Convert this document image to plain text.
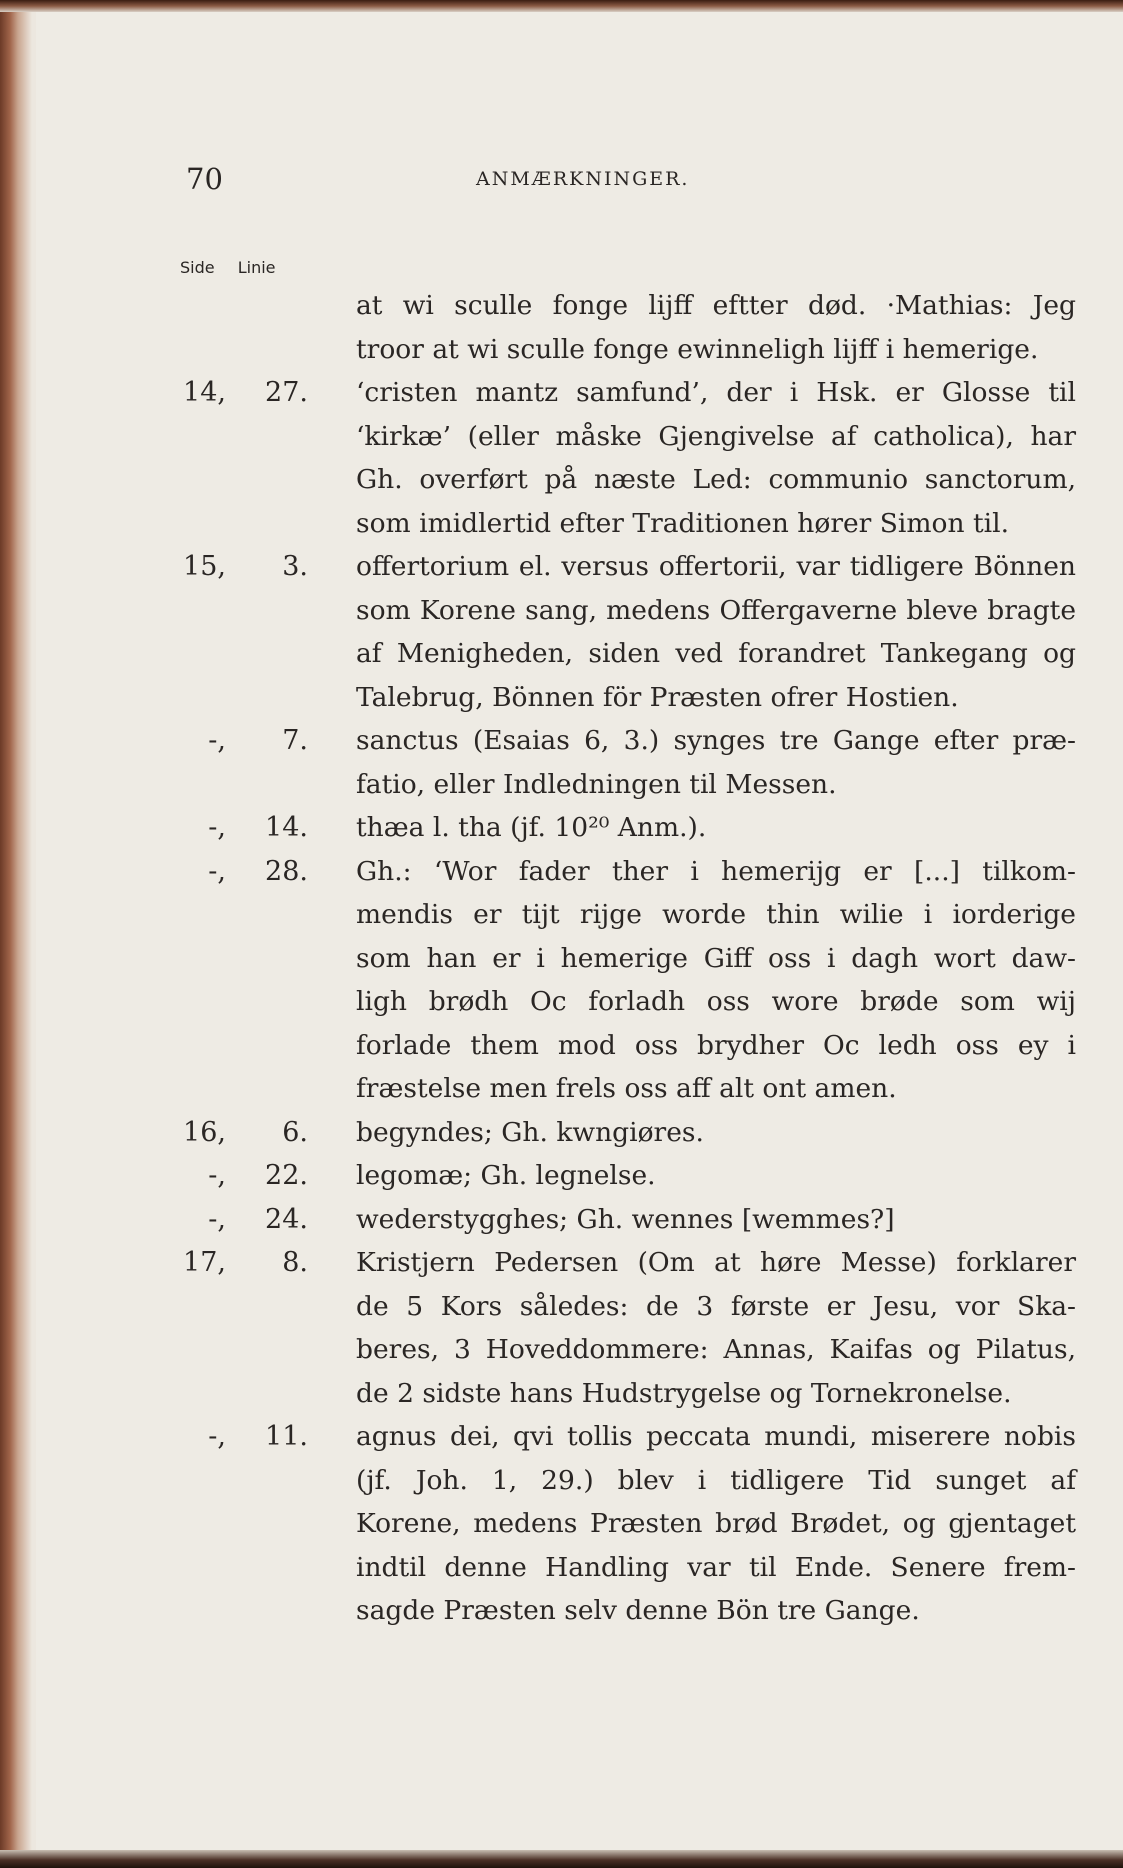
70	ANMÆRKNINGER.
Side Linie
at wi sculle fonge lijff eftter død. ·Mathias: Jeg
troor at wi sculle fonge ewinneligh lijff i hemerige.
14, 27.	‘cristen mantz samfund’, der i Hsk. er Glosse til
‘kirkæ’ (eller måske Gjengivelse af catholica), har
Gh. overført på næste Led: communio sanctorum,
som imidlertid efter Traditionen hører Simon til.
15, 3.	offertorium el. versus offertorii, var tidligere Bönnen
som Korene sang, medens Offergaverne bleve bragte
af Menigheden, siden ved forandret Tankegang og
Talebrug, Bönnen för Præsten ofrer Hostien.
-, 7.	sanctus (Esaias 6, 3.) synges tre Gange efter præ-
fatio, eller Indledningen til Messen.
-, 14.	thæa l. tha (jf. 10²⁰ Anm.).
-, 28.	Gh.: ‘Wor fader ther i hemerijg er [...] tilkom-
mendis er tijt rijge worde thin wilie i iorderige
som han er i hemerige Giff oss i dagh wort daw-
ligh brødh Oc forladh oss wore brøde som wij
forlade them mod oss brydher Oc ledh oss ey i
fræstelse men frels oss aff alt ont amen.
16, 6.	begyndes; Gh. kwngiøres.
-, 22.	legomæ; Gh. legnelse.
-, 24.	wederstygghes; Gh. wennes [wemmes?]
17, 8.	Kristjern Pedersen (Om at høre Messe) forklarer
de 5 Kors således: de 3 første er Jesu, vor Ska-
beres, 3 Hoveddommere: Annas, Kaifas og Pilatus,
de 2 sidste hans Hudstrygelse og Tornekronelse.
-, 11.	agnus dei, qvi tollis peccata mundi, miserere nobis
(jf. Joh. 1, 29.) blev i tidligere Tid sunget af
Korene, medens Præsten brød Brødet, og gjentaget
indtil denne Handling var til Ende. Senere frem-
sagde Præsten selv denne Bön tre Gange.
